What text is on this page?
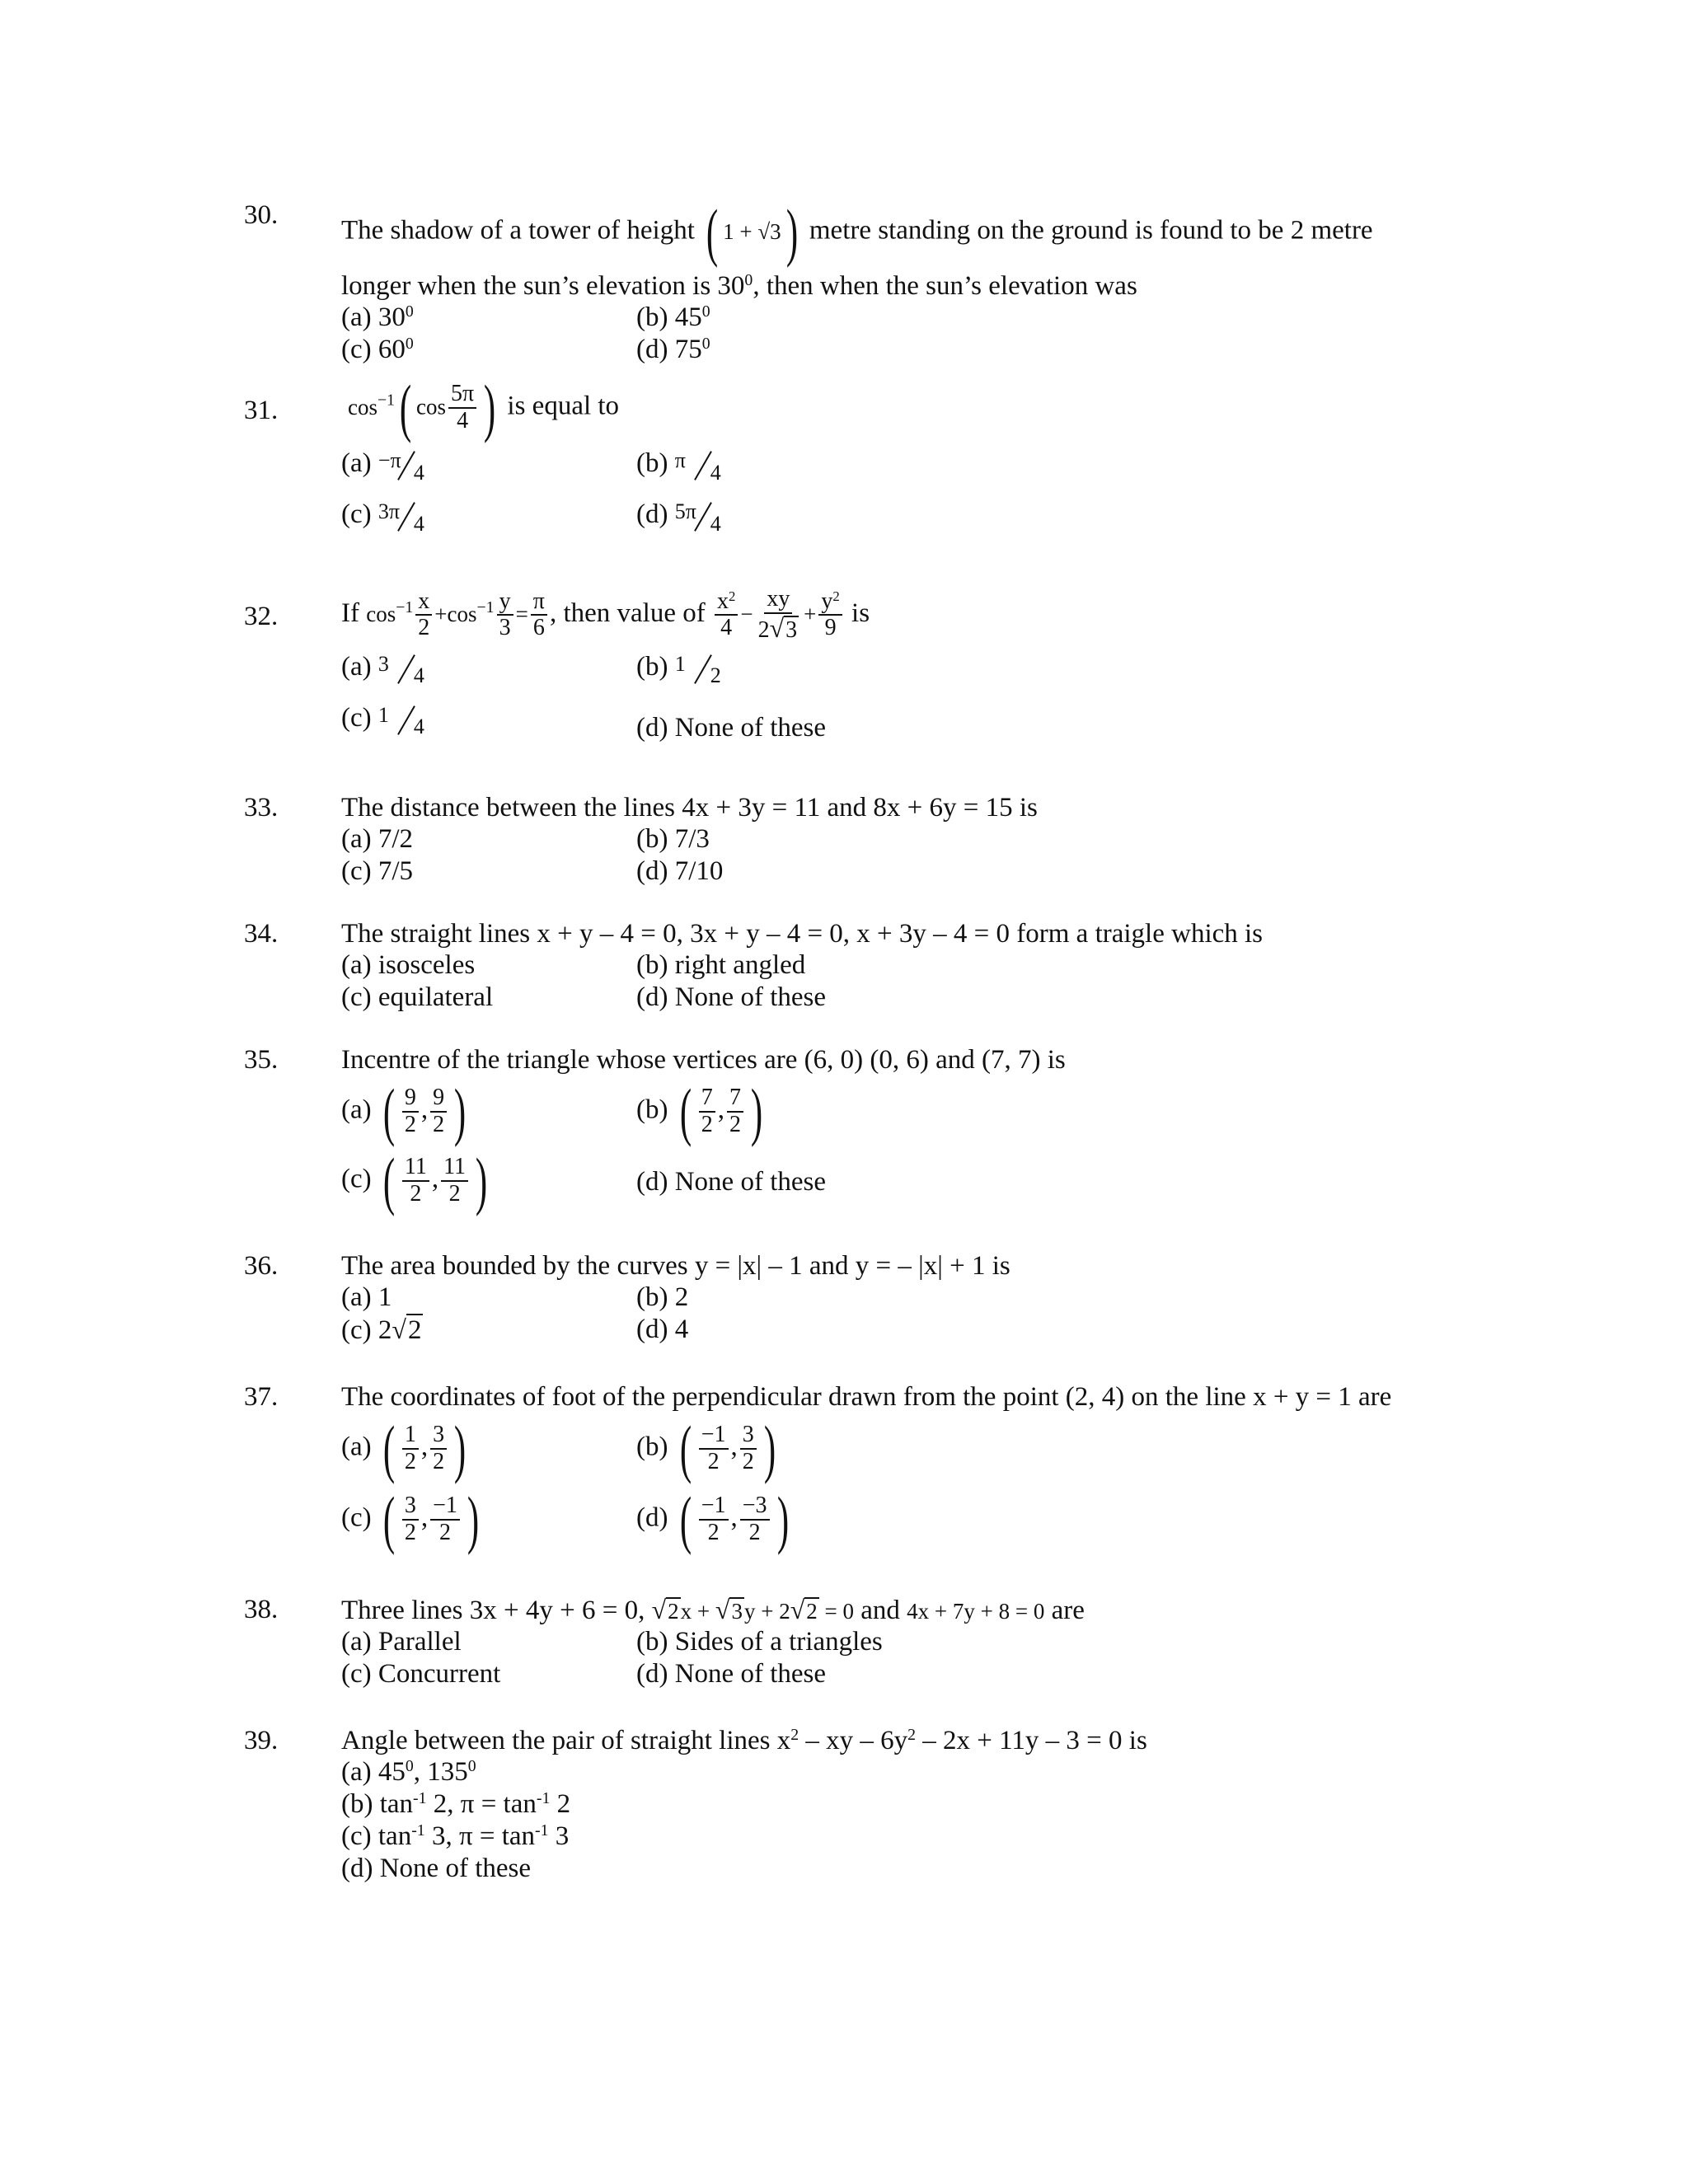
30.
The shadow of a tower of height ( 1 + √3) metre standing on the ground is found to be 2 metre
longer when the sun’s elevation is $30^0$, then when the sun’s elevation was
(a) $30^0$	(b) $45^0$
(c) $60^0$	(d) $75^0$
31.	$\cos^{-1}$( $\cos \frac{5\pi}{4}$ ) is equal to
(a) −π 4	(b) π 4
(c) 3π 4	(d) 5π 4
32. If $\cos^{-1} \frac{x}{2} +\cos^{-1} \frac{y}{3} = \frac{\pi}{6}$ , then value of $\frac{x^2}{4} - \frac{xy}{2√3} + \frac{y^2}{9}$ is
(a) 3 4	(b) 1 2
(c) 1 4	(d) None of these
33. The distance between the lines 4x + 3y = 11 and 8x + 6y = 15 is
(a) 7/2	(b) 7/3
(c) 7/5	(d) 7/10
34. The straight lines x + y – 4 = 0, 3x + y – 4 = 0, x + 3y – 4 = 0 form a traigle which is
(a) isosceles	(b) right angled
(c) equilateral	(d) None of these
35. Incentre of the triangle whose vertices are (6, 0) (0, 6) and (7, 7) is
(a) ( $\frac{9}{2}$ , $\frac{9}{2}$ )	(b) ( $\frac{7}{2}$ , $\frac{7}{2}$ )
(c) ( $\frac{11}{2}$ , $\frac{11}{2}$ )	(d) None of these
36. The area bounded by the curves y = |x| – 1 and y = – |x| + 1 is
(a) 1	(b) 2
(c) 2√2	(d) 4
37. The coordinates of foot of the perpendicular drawn from the point (2, 4) on the line x + y = 1 are
(a) ( $\frac{1}{2}$ , $\frac{3}{2}$ )	(b) ( $\frac{-1}{2}$ , $\frac{3}{2}$ )
(c) ( $\frac{3}{2}$ , $\frac{-1}{2}$ )	(d) ( $\frac{-1}{2}$ , $\frac{-3}{2}$ )
38. Three lines 3x + 4y + 6 = 0, √2x + √3y + 2√2 = 0 and 4x + 7y + 8 = 0 are
(a) Parallel	(b) Sides of a triangles
(c) Concurrent	(d) None of these
39. Angle between the pair of straight lines $x^2$ – xy – $6y^2 - 2x + 11y - 3 = 0$ is
(a) $45^0$, $135^0$
(b) $\tan^{-1} 2$, $\pi = \tan^{-1} 2$
(c) $\tan^{-1} 3$, $\pi = \tan^{-1} 3$
(d) None of these
